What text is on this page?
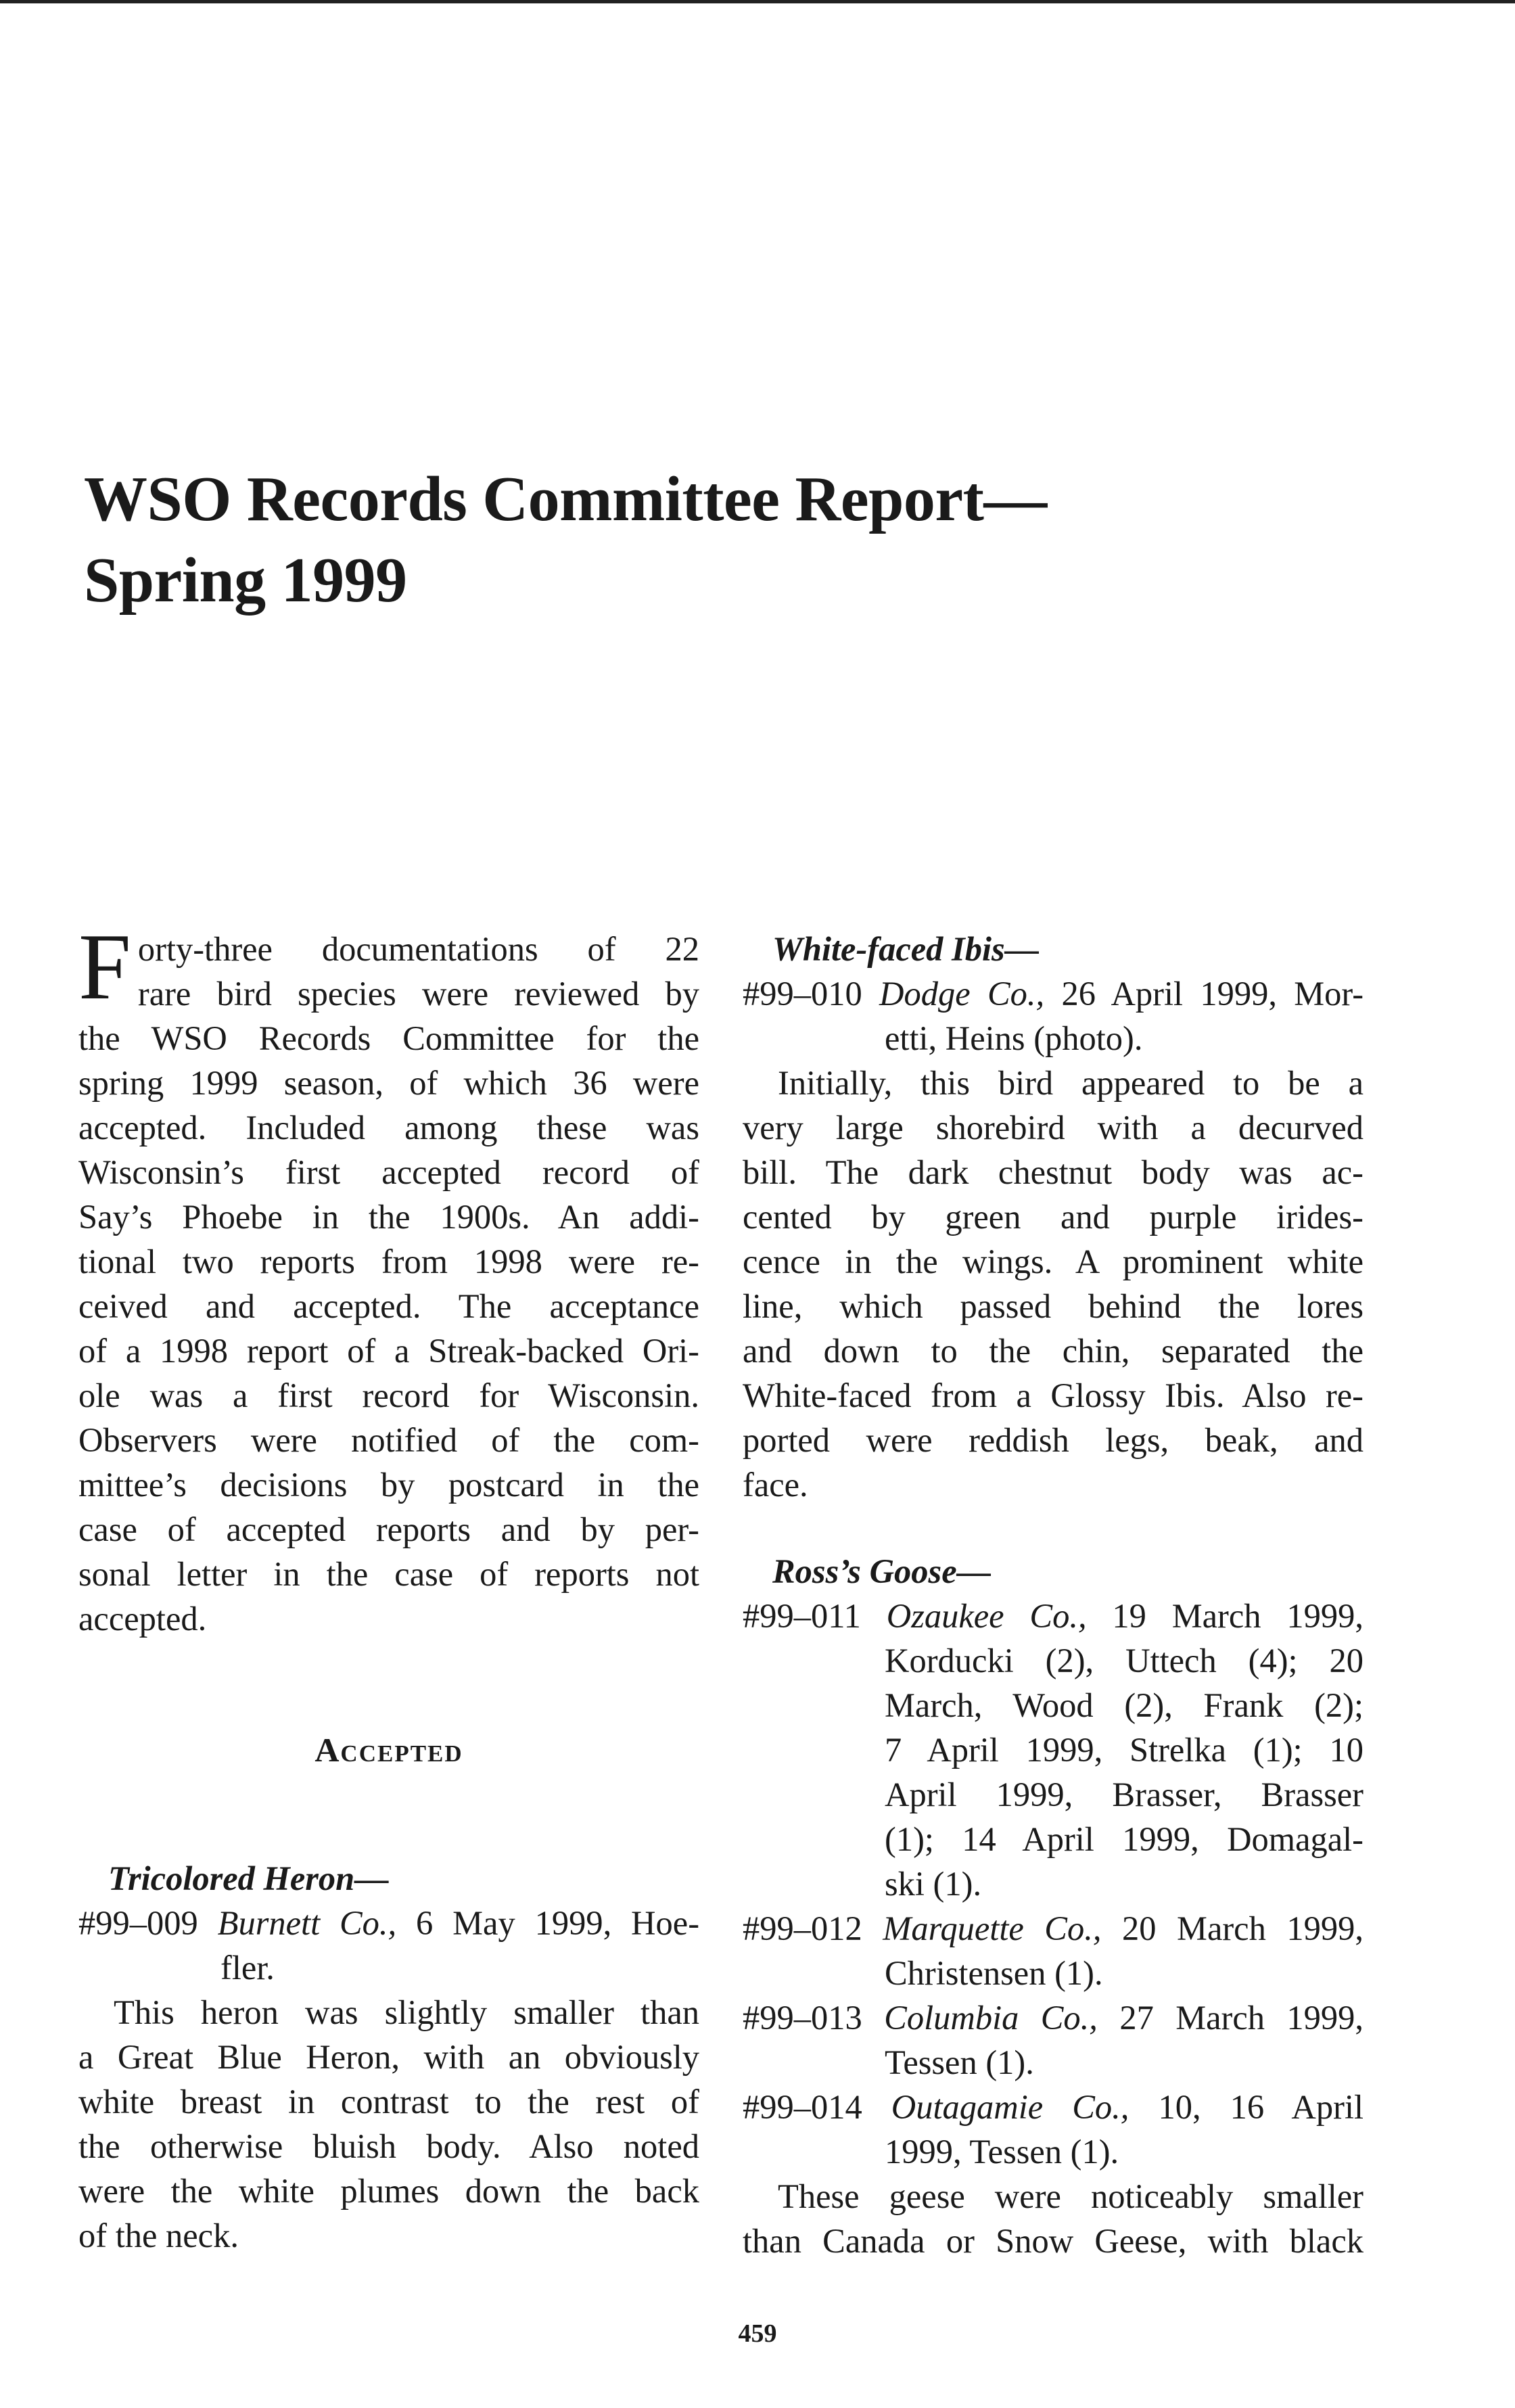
WSO Records Committee Report—
Spring 1999
F orty-three documentations of 22
rare bird species were reviewed by
the WSO Records Committee for the
spring 1999 season, of which 36 were
accepted. Included among these was
Wisconsin’s first accepted record of
Say’s Phoebe in the 1900s. An addi-
tional two reports from 1998 were re-
ceived and accepted. The acceptance
of a 1998 report of a Streak-backed Ori-
ole was a first record for Wisconsin.
Observers were notified of the com-
mittee’s decisions by postcard in the
case of accepted reports and by per-
sonal letter in the case of reports not
accepted.
Accepted
Tricolored Heron—
#99–009 Burnett Co., 6 May 1999, Hoe-
fler.
This heron was slightly smaller than
a Great Blue Heron, with an obviously
white breast in contrast to the rest of
the otherwise bluish body. Also noted
were the white plumes down the back
of the neck.
White-faced Ibis—
#99–010 Dodge Co., 26 April 1999, Mor-
etti, Heins (photo).
Initially, this bird appeared to be a
very large shorebird with a decurved
bill. The dark chestnut body was ac-
cented by green and purple irides-
cence in the wings. A prominent white
line, which passed behind the lores
and down to the chin, separated the
White-faced from a Glossy Ibis. Also re-
ported were reddish legs, beak, and
face.
Ross’s Goose—
#99–011 Ozaukee Co., 19 March 1999,
Korducki (2), Uttech (4); 20
March, Wood (2), Frank (2);
7 April 1999, Strelka (1); 10
April 1999, Brasser, Brasser
(1); 14 April 1999, Domagal-
ski (1).
#99–012 Marquette Co., 20 March 1999,
Christensen (1).
#99–013 Columbia Co., 27 March 1999,
Tessen (1).
#99–014 Outagamie Co., 10, 16 April
1999, Tessen (1).
These geese were noticeably smaller
than Canada or Snow Geese, with black
459
